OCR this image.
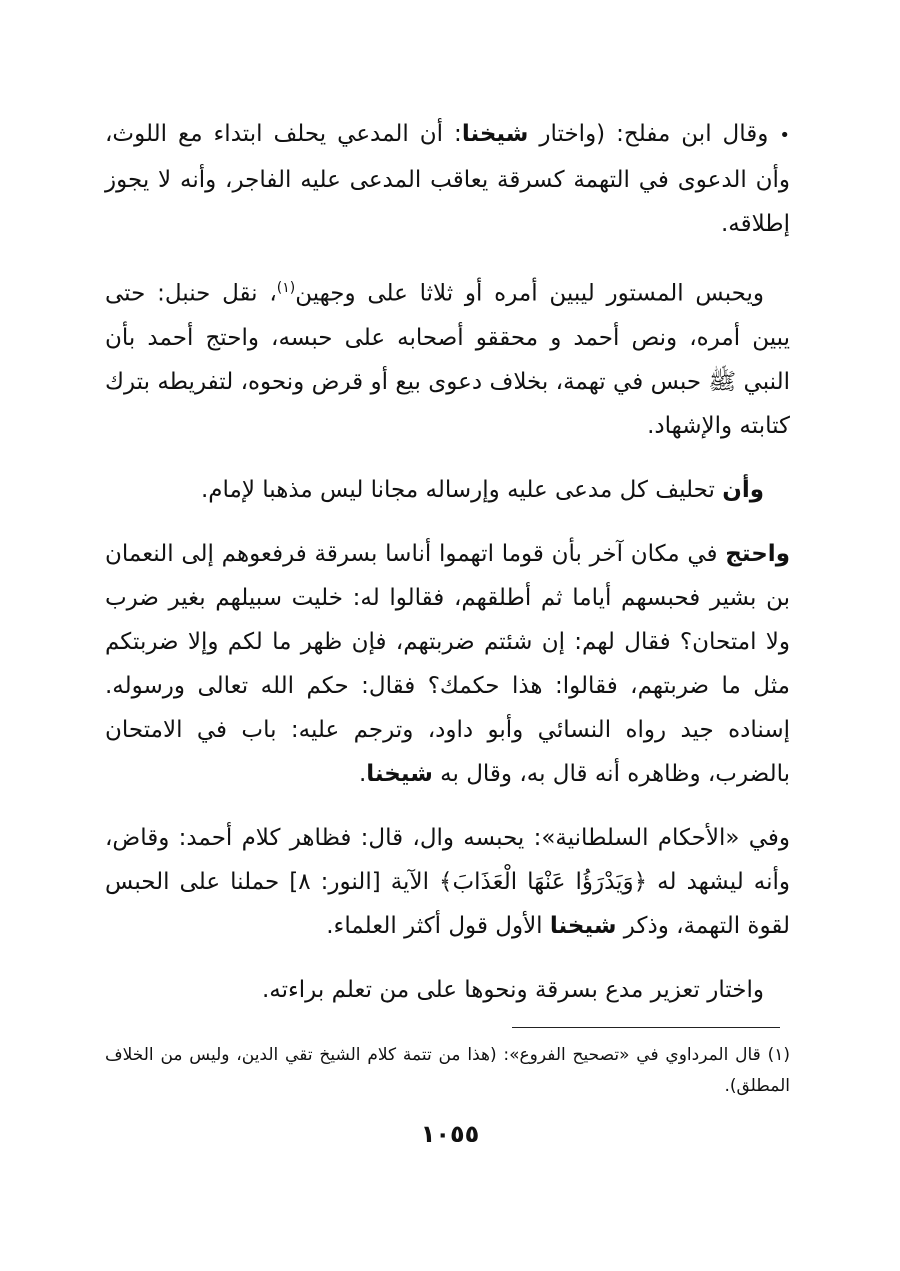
• وقال ابن مفلح: (واختار شيخنا: أن المدعي يحلف ابتداء مع اللوث، وأن الدعوى في التهمة كسرقة يعاقب المدعى عليه الفاجر، وأنه لا يجوز إطلاقه.

ويحبس المستور ليبين أمره أو ثلاثا على وجهين$^{(١)}$، نقل حنبل: حتى يبين أمره، ونص أحمد و محققو أصحابه على حبسه، واحتج أحمد بأن النبي ﷺ حبس في تهمة، بخلاف دعوى بيع أو قرض ونحوه، لتفريطه بترك كتابته والإشهاد.

وأن تحليف كل مدعى عليه وإرساله مجانا ليس مذهبا لإمام.

واحتج في مكان آخر بأن قوما اتهموا أناسا بسرقة فرفعوهم إلى النعمان بن بشير فحبسهم أياما ثم أطلقهم، فقالوا له: خليت سبيلهم بغير ضرب ولا امتحان؟ فقال لهم: إن شئتم ضربتهم، فإن ظهر ما لكم وإلا ضربتكم مثل ما ضربتهم، فقالوا: هذا حكمك؟ فقال: حكم الله تعالى ورسوله. إسناده جيد رواه النسائي وأبو داود، وترجم عليه: باب في الامتحان بالضرب، وظاهره أنه قال به، وقال به شيخنا.

وفي «الأحكام السلطانية»: يحبسه وال، قال: فظاهر كلام أحمد: وقاض، وأنه ليشهد له ﴿وَيَدْرَؤُا عَنْهَا الْعَذَابَ﴾ الآية [النور: ٨] حملنا على الحبس لقوة التهمة، وذكر شيخنا الأول قول أكثر العلماء.

واختار تعزير مدع بسرقة ونحوها على من تعلم براءته.

(١) قال المرداوي في «تصحيح الفروع»: (هذا من تتمة كلام الشيخ تقي الدين، وليس من الخلاف المطلق).

١٠٥٥
